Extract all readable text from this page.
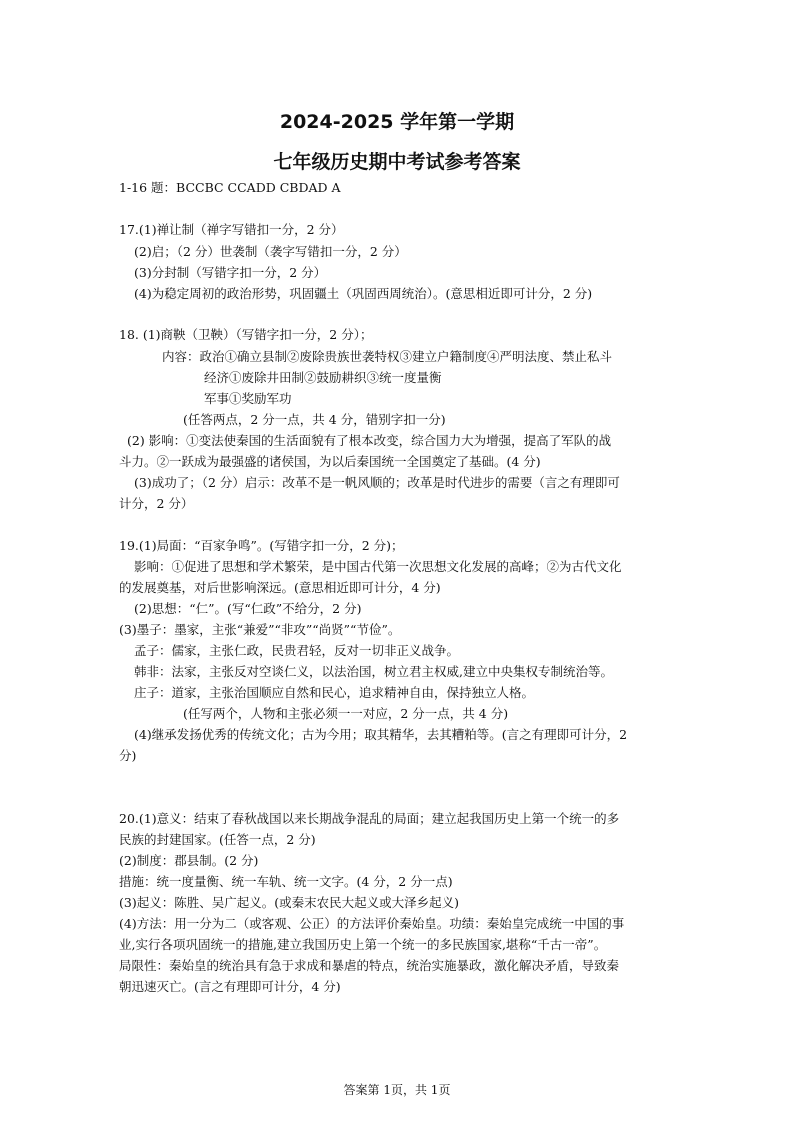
2024-2025 学年第一学期
七年级历史期中考试参考答案
1-16 题：BCCBC CCADD CBDAD A
17.(1)禅让制（禅字写错扣一分，2 分）
(2)启；（2 分）世袭制（袭字写错扣一分，2 分）
(3)分封制（写错字扣一分，2 分）
(4)为稳定周初的政治形势，巩固疆土（巩固西周统治）。(意思相近即可计分，2 分)
18. (1)商鞅（卫鞅）（写错字扣一分，2 分）；
内容：政治①确立县制②废除贵族世袭特权③建立户籍制度④严明法度、禁止私斗
经济①废除井田制②鼓励耕织③统一度量衡
军事①奖励军功
(任答两点，2 分一点，共 4 分，错别字扣一分)
(2) 影响：①变法使秦国的生活面貌有了根本改变，综合国力大为增强，提高了军队的战
斗力。②一跃成为最强盛的诸侯国，为以后秦国统一全国奠定了基础。(4 分)
(3)成功了；（2 分）启示：改革不是一帆风顺的；改革是时代进步的需要（言之有理即可
计分，2 分）
19.(1)局面：“百家争鸣”。(写错字扣一分，2 分)；
影响：①促进了思想和学术繁荣，是中国古代第一次思想文化发展的高峰；②为古代文化
的发展奠基，对后世影响深远。(意思相近即可计分，4 分)
(2)思想：“仁”。(写“仁政”不给分，2 分)
(3)墨子：墨家，主张“兼爱”“非攻”“尚贤”“节俭”。
孟子：儒家，主张仁政，民贵君轻，反对一切非正义战争。
韩非：法家，主张反对空谈仁义，以法治国，树立君主权威,建立中央集权专制统治等。
庄子：道家，主张治国顺应自然和民心，追求精神自由，保持独立人格。
(任写两个，人物和主张必须一一对应，2 分一点，共 4 分)
(4)继承发扬优秀的传统文化；古为今用；取其精华，去其糟粕等。(言之有理即可计分，2
分)
20.(1)意义：结束了春秋战国以来长期战争混乱的局面；建立起我国历史上第一个统一的多
民族的封建国家。(任答一点，2 分)
(2)制度：郡县制。(2 分)
措施：统一度量衡、统一车轨、统一文字。(4 分，2 分一点)
(3)起义：陈胜、吴广起义。(或秦末农民大起义或大泽乡起义)
(4)方法：用一分为二（或客观、公正）的方法评价秦始皇。功绩：秦始皇完成统一中国的事
业,实行各项巩固统一的措施,建立我国历史上第一个统一的多民族国家,堪称“千古一帝”。
局限性：秦始皇的统治具有急于求成和暴虐的特点，统治实施暴政，激化解决矛盾，导致秦
朝迅速灭亡。(言之有理即可计分，4 分)
答案第 1页，共 1页
